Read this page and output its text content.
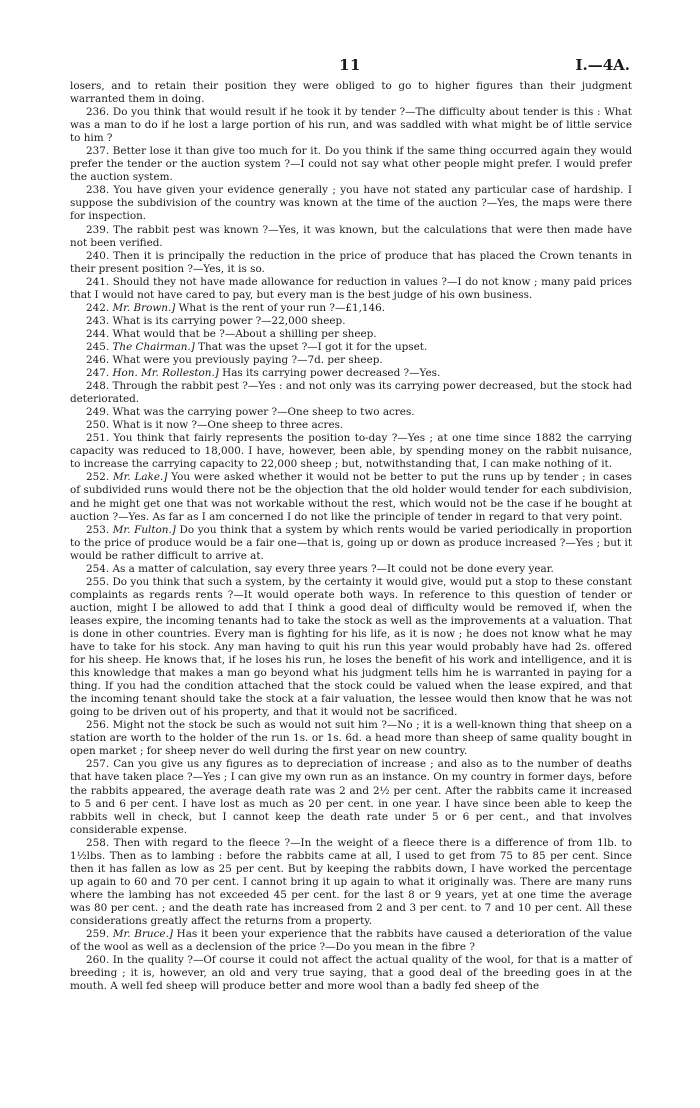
11	I.—4A.

losers, and to retain their position they were obliged to go to higher figures than their judgment warranted them in doing.

236. Do you think that would result if he took it by tender ?—The difficulty about tender is this : What was a man to do if he lost a large portion of his run, and was saddled with what might be of little service to him ?

237. Better lose it than give too much for it. Do you think if the same thing occurred again they would prefer the tender or the auction system ?—I could not say what other people might prefer. I would prefer the auction system.

238. You have given your evidence generally ; you have not stated any particular case of hardship. I suppose the subdivision of the country was known at the time of the auction ?—Yes, the maps were there for inspection.

239. The rabbit pest was known ?—Yes, it was known, but the calculations that were then made have not been verified.

240. Then it is principally the reduction in the price of produce that has placed the Crown tenants in their present position ?—Yes, it is so.

241. Should they not have made allowance for reduction in values ?—I do not know ; many paid prices that I would not have cared to pay, but every man is the best judge of his own business.

242. Mr. Brown.] What is the rent of your run ?—£1,146.

243. What is its carrying power ?—22,000 sheep.

244. What would that be ?—About a shilling per sheep.

245. The Chairman.] That was the upset ?—I got it for the upset.

246. What were you previously paying ?—7d. per sheep.

247. Hon. Mr. Rolleston.] Has its carrying power decreased ?—Yes.

248. Through the rabbit pest ?—Yes : and not only was its carrying power decreased, but the stock had deteriorated.

249. What was the carrying power ?—One sheep to two acres.

250. What is it now ?—One sheep to three acres.

251. You think that fairly represents the position to-day ?—Yes ; at one time since 1882 the carrying capacity was reduced to 18,000. I have, however, been able, by spending money on the rabbit nuisance, to increase the carrying capacity to 22,000 sheep ; but, notwithstanding that, I can make nothing of it.

252. Mr. Lake.] You were asked whether it would not be better to put the runs up by tender ; in cases of subdivided runs would there not be the objection that the old holder would tender for each subdivision, and he might get one that was not workable without the rest, which would not be the case if he bought at auction ?—Yes. As far as I am concerned I do not like the principle of tender in regard to that very point.

253. Mr. Fulton.] Do you think that a system by which rents would be varied periodically in proportion to the price of produce would be a fair one—that is, going up or down as produce increased ?—Yes ; but it would be rather difficult to arrive at.

254. As a matter of calculation, say every three years ?—It could not be done every year.

255. Do you think that such a system, by the certainty it would give, would put a stop to these constant complaints as regards rents ?—It would operate both ways. In reference to this question of tender or auction, might I be allowed to add that I think a good deal of difficulty would be removed if, when the leases expire, the incoming tenants had to take the stock as well as the improvements at a valuation. That is done in other countries. Every man is fighting for his life, as it is now ; he does not know what he may have to take for his stock. Any man having to quit his run this year would probably have had 2s. offered for his sheep. He knows that, if he loses his run, he loses the benefit of his work and intelligence, and it is this knowledge that makes a man go beyond what his judgment tells him he is warranted in paying for a thing. If you had the condition attached that the stock could be valued when the lease expired, and that the incoming tenant should take the stock at a fair valuation, the lessee would then know that he was not going to be driven out of his property, and that it would not be sacrificed.

256. Might not the stock be such as would not suit him ?—No ; it is a well-known thing that sheep on a station are worth to the holder of the run 1s. or 1s. 6d. a head more than sheep of same quality bought in open market ; for sheep never do well during the first year on new country.

257. Can you give us any figures as to depreciation of increase ; and also as to the number of deaths that have taken place ?—Yes ; I can give my own run as an instance. On my country in former days, before the rabbits appeared, the average death rate was 2 and 2½ per cent. After the rabbits came it increased to 5 and 6 per cent. I have lost as much as 20 per cent. in one year. I have since been able to keep the rabbits well in check, but I cannot keep the death rate under 5 or 6 per cent., and that involves considerable expense.

258. Then with regard to the fleece ?—In the weight of a fleece there is a difference of from 1lb. to 1½lbs. Then as to lambing : before the rabbits came at all, I used to get from 75 to 85 per cent. Since then it has fallen as low as 25 per cent. But by keeping the rabbits down, I have worked the percentage up again to 60 and 70 per cent. I cannot bring it up again to what it originally was. There are many runs where the lambing has not exceeded 45 per cent. for the last 8 or 9 years, yet at one time the average was 80 per cent. ; and the death rate has increased from 2 and 3 per cent. to 7 and 10 per cent. All these considerations greatly affect the returns from a property.

259. Mr. Bruce.] Has it been your experience that the rabbits have caused a deterioration of the value of the wool as well as a declension of the price ?—Do you mean in the fibre ?

260. In the quality ?—Of course it could not affect the actual quality of the wool, for that is a matter of breeding ; it is, however, an old and very true saying, that a good deal of the breeding goes in at the mouth. A well fed sheep will produce better and more wool than a badly fed sheep of the
